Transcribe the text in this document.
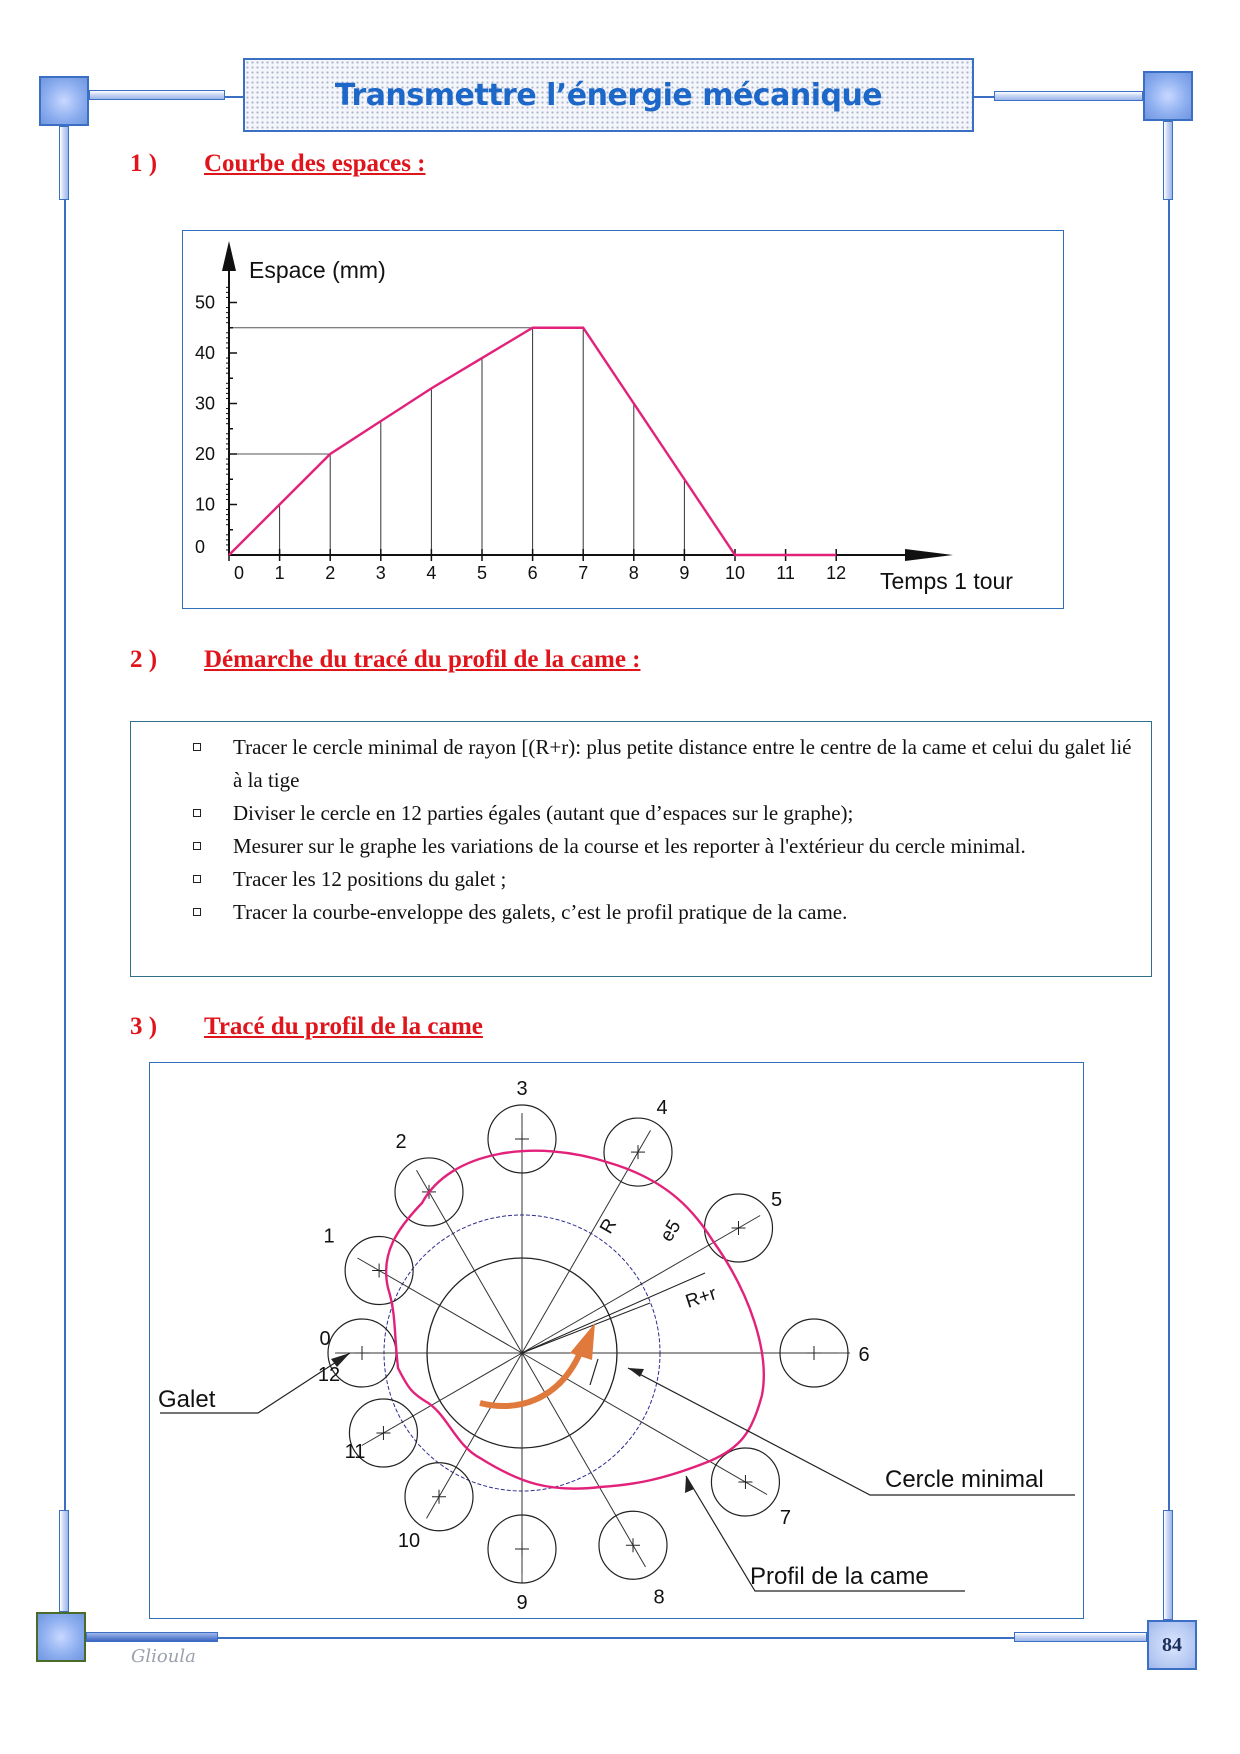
Transmettre l’énergie mécanique
1 ) Courbe des espaces :
0
10
20
30
40
50
0 1 2 3 4 5 6 7 8 9 10 11 12
Espace (mm)
Temps 1 tour
2 ) Démarche du tracé du profil de la came :
Tracer le cercle minimal de rayon [(R+r): plus petite distance entre le centre de la came et celui du galet lié à la tige
Diviser le cercle en 12 parties égales (autant que d’espaces sur le graphe);
Mesurer sur le graphe les variations de la course et les reporter à l'extérieur du cercle minimal.
Tracer les 12 positions du galet ;
Tracer la courbe-enveloppe des galets, c’est le profil pratique de la came.
3 ) Tracé du profil de la came
1
2
3
4
5
6
7
8
9
10
0
12
11
R e5
R+r
Galet
Cercle minimal
Profil de la came
Glioula
84
